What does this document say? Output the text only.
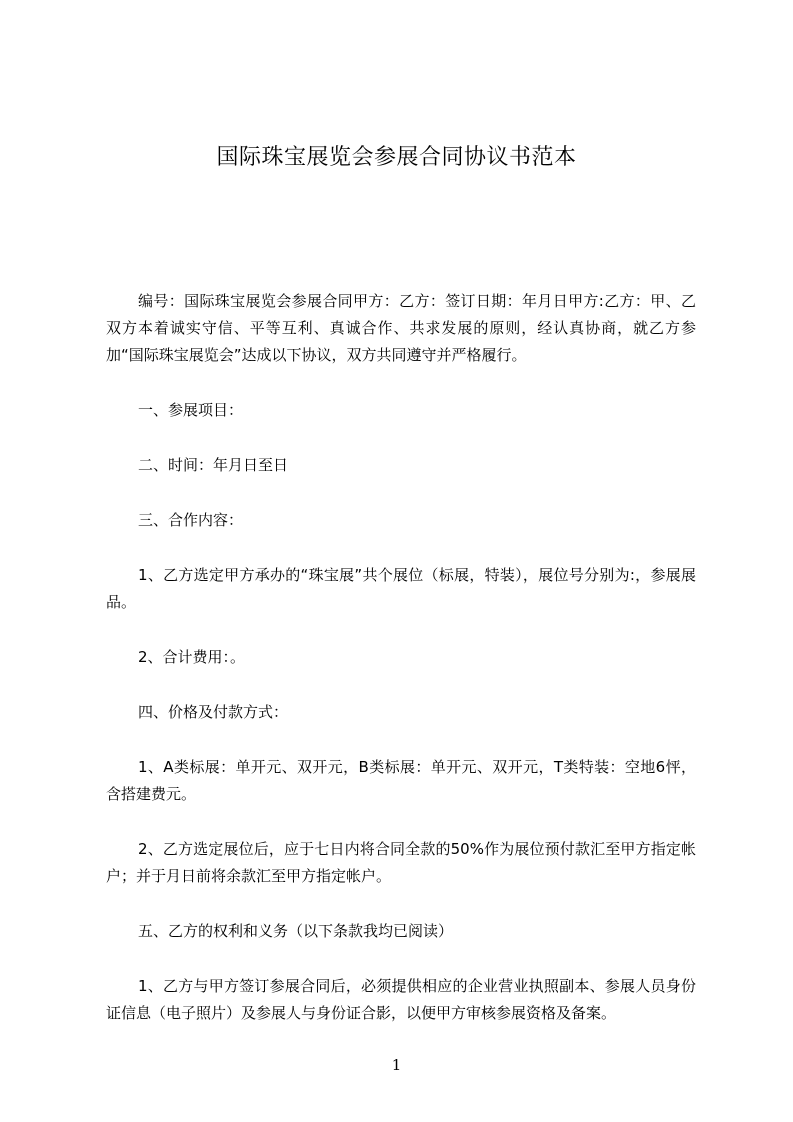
国际珠宝展览会参展合同协议书范本

编号：国际珠宝展览会参展合同甲方：乙方：签订日期：年月日甲方:乙方：甲、乙双方本着诚实守信、平等互利、真诚合作、共求发展的原则，经认真协商，就乙方参加“国际珠宝展览会”达成以下协议，双方共同遵守并严格履行。

一、参展项目：

二、时间：年月日至日

三、合作内容：

1、乙方选定甲方承办的“珠宝展”共个展位（标展，特装），展位号分别为:，参展展品。

2、合计费用：。

四、价格及付款方式：

1、A类标展：单开元、双开元，B类标展：单开元、双开元，T类特装：空地6怦，含搭建费元。

2、乙方选定展位后，应于七日内将合同全款的50%作为展位预付款汇至甲方指定帐户；并于月日前将余款汇至甲方指定帐户。

五、乙方的权利和义务（以下条款我均已阅读）

1、乙方与甲方签订参展合同后，必须提供相应的企业营业执照副本、参展人员身份证信息（电子照片）及参展人与身份证合影，以便甲方审核参展资格及备案。

1
